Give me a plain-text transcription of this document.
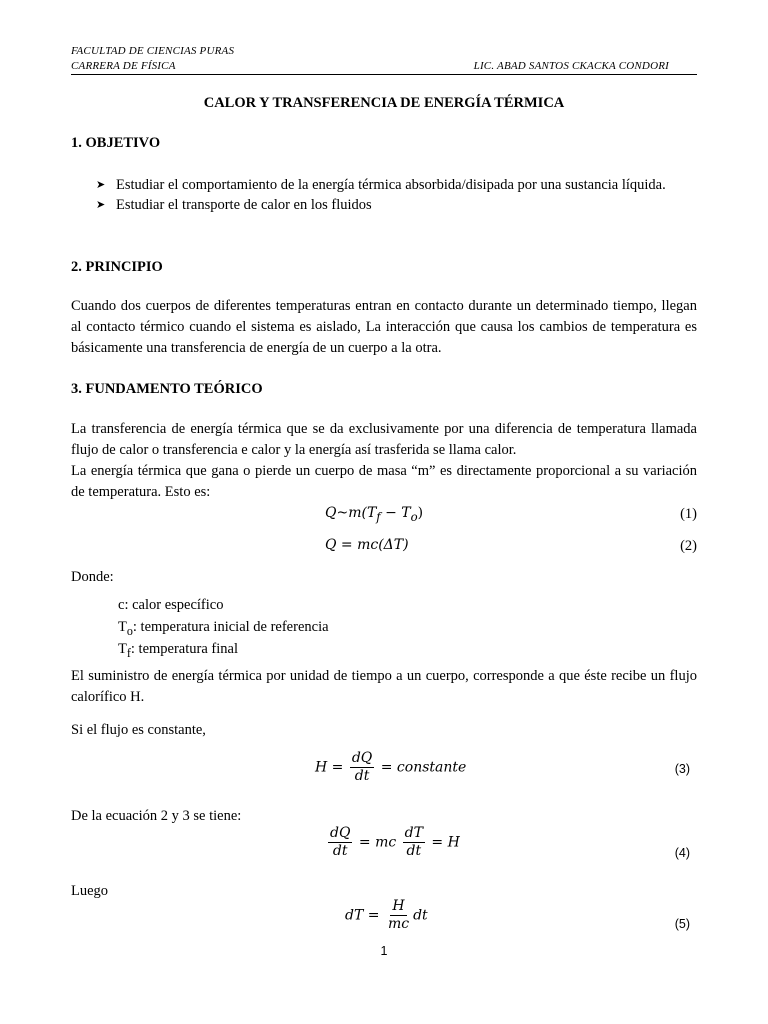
FACULTAD DE CIENCIAS PURAS
CARRERA DE FÍSICA	LIC. ABAD SANTOS CKACKA CONDORI
CALOR Y TRANSFERENCIA DE ENERGÍA TÉRMICA
1. OBJETIVO
➤ Estudiar el comportamiento de la energía térmica absorbida/disipada por una sustancia líquida.
➤ Estudiar el transporte de calor en los fluidos
2. PRINCIPIO

Cuando dos cuerpos de diferentes temperaturas entran en contacto durante un determinado tiempo, llegan al contacto térmico cuando el sistema es aislado, La interacción que causa los cambios de temperatura es básicamente una transferencia de energía de un cuerpo a la otra.

3. FUNDAMENTO TEÓRICO

La transferencia de energía térmica que se da exclusivamente por una diferencia de temperatura llamada flujo de calor o transferencia e calor y la energía así trasferida se llama calor.

La energía térmica que gana o pierde un cuerpo de masa “m” es directamente proporcional a su variación de temperatura. Esto es:

$Q\sim m(T_f - T_o)$	(1)
Q = mc(ΔT)	(2)
Donde:
c: calor específico
$T_o$: temperatura inicial de referencia
$T_f$: temperatura final

El suministro de energía térmica por unidad de tiempo a un cuerpo, corresponde a que éste recibe un flujo calorífico H.

Si el flujo es constante,

$H = \frac{dQ}{dt}$ = constante	(3)

De la ecuación 2 y 3 se tiene:

$\frac{dQ}{dt}$ = mc $\frac{dT}{dt} = H$
(4)

Luego

dT = $\frac{H}{mc}$ dt
(5)
1
